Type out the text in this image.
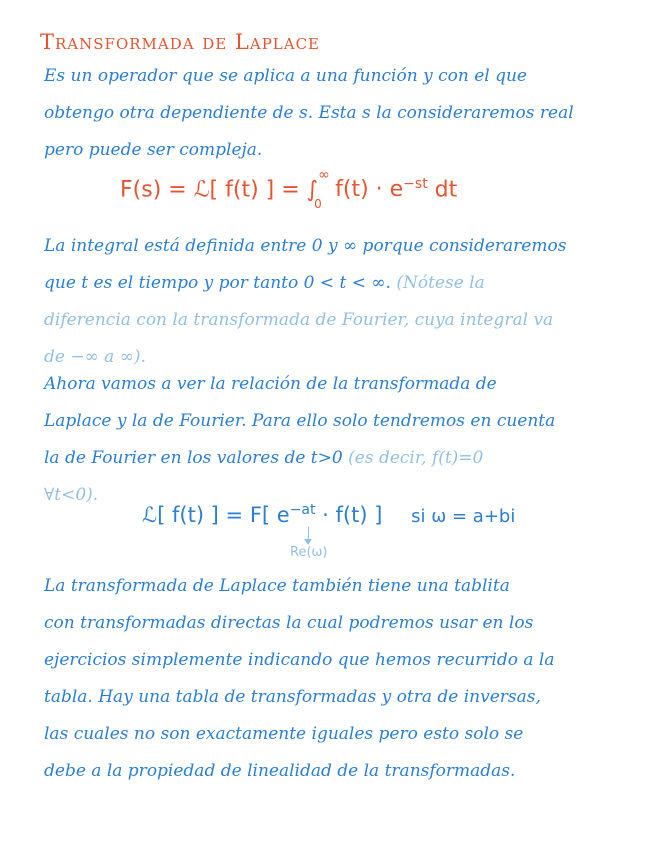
Transformada de Laplace
Es un operador que se aplica a una función y con el que
obtengo otra dependiente de s. Esta s la consideraremos real
pero puede ser compleja.
F(s) = ℒ[ f(t) ] = ∫
0
∞
$f(t) \cdot e^{-st}$ dt
La integral está definida entre 0 y ∞ porque consideraremos
que t es el tiempo y por tanto 0 < t < ∞. (Nótese la
diferencia con la transformada de Fourier, cuya integral va
de −∞ a ∞).
Ahora vamos a ver la relación de la transformada de
Laplace y la de Fourier. Para ello solo tendremos en cuenta
la de Fourier en los valores de t>0 (es decir, f(t)=0
∀t<0).
ℒ[ f(t) ] = F[ $e^{-at} \cdot f(t)$ ] si ω = a+bi
Re(ω)
La transformada de Laplace también tiene una tablita
con transformadas directas la cual podremos usar en los
ejercicios simplemente indicando que hemos recurrido a la
tabla. Hay una tabla de transformadas y otra de inversas,
las cuales no son exactamente iguales pero esto solo se
debe a la propiedad de linealidad de la transformadas.
